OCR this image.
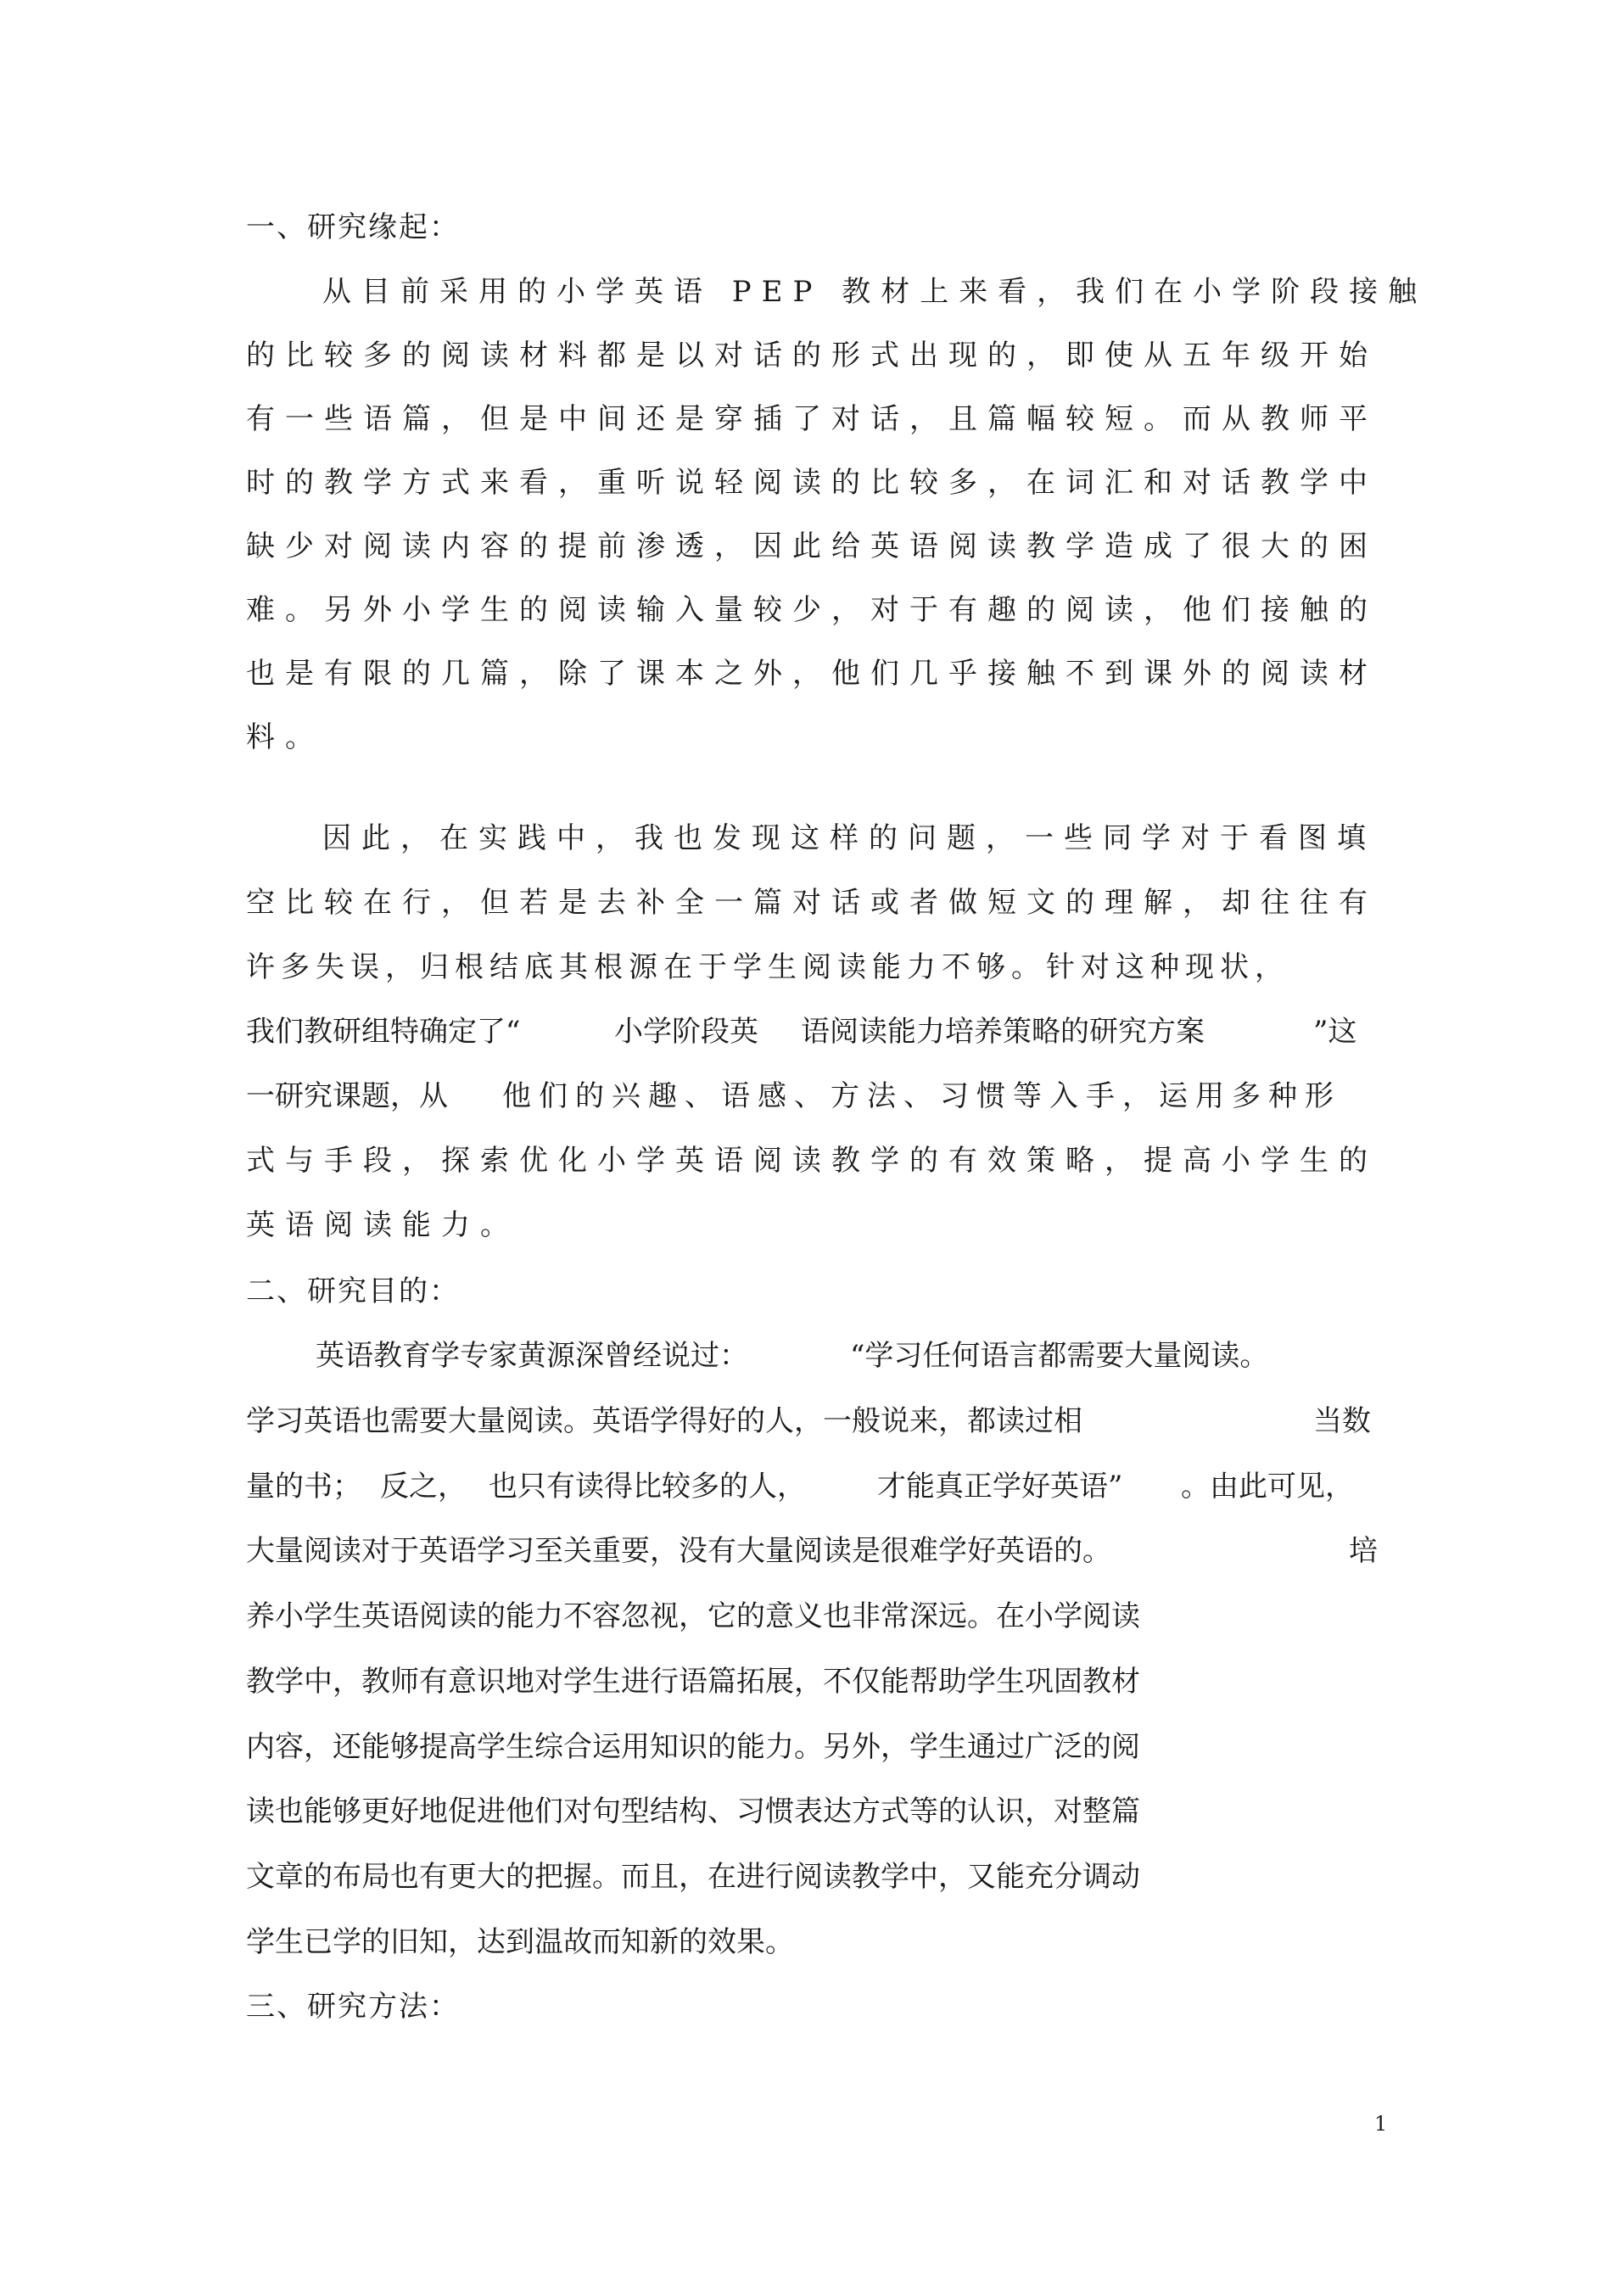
一、研究缘起：
从目前采用的小学英语 PEP 教材上来看，我们在小学阶段接触
的比较多的阅读材料都是以对话的形式出现的，即使从五年级开始
有一些语篇，但是中间还是穿插了对话，且篇幅较短。而从教师平
时的教学方式来看，重听说轻阅读的比较多，在词汇和对话教学中
缺少对阅读内容的提前渗透，因此给英语阅读教学造成了很大的困
难。另外小学生的阅读输入量较少，对于有趣的阅读，他们接触的
也是有限的几篇，除了课本之外，他们几乎接触不到课外的阅读材
料。
因此，在实践中，我也发现这样的问题，一些同学对于看图填
空比较在行，但若是去补全一篇对话或者做短文的理解，却往往有
许多失误，归根结底其根源在于学生阅读能力不够。针对这种现状，
我们教研组特确定了“	小学阶段英 语阅读能力培养策略的研究方案	”这
一研究课题，从 他们的兴趣、语感、方法、习惯等入手，运用多种形
式与手段，探索优化小学英语阅读教学的有效策略，提高小学生的
英语阅读能力。
二、研究目的：
英语教育学专家黄源深曾经说过：	“学习任何语言都需要大量阅读。
学习英语也需要大量阅读。英语学得好的人，一般说来，都读过相	当数
量的书； 反之， 也只有读得比较多的人， 才能真正学好英语” 。由此可见，
大量阅读对于英语学习至关重要，没有大量阅读是很难学好英语的。	培
养小学生英语阅读的能力不容忽视，它的意义也非常深远。在小学阅读
教学中，教师有意识地对学生进行语篇拓展，不仅能帮助学生巩固教材
内容，还能够提高学生综合运用知识的能力。另外，学生通过广泛的阅
读也能够更好地促进他们对句型结构、习惯表达方式等的认识，对整篇
文章的布局也有更大的把握。而且，在进行阅读教学中，又能充分调动
学生已学的旧知，达到温故而知新的效果。
三、研究方法：
1
